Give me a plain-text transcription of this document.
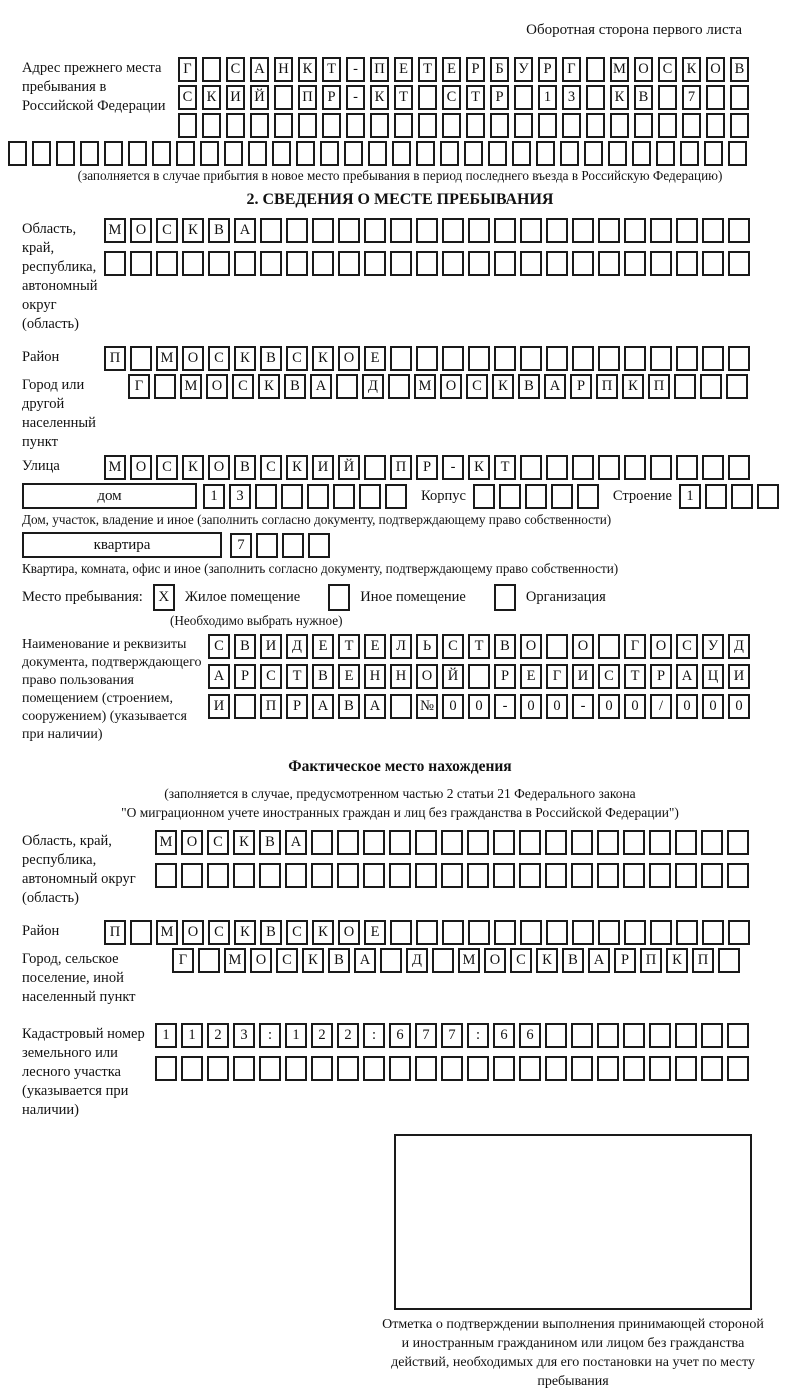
Оборотная сторона первого листа
Адрес прежнего места пребывания в Российской Федерации
Г	С А Н К	Т	-	П Е	Т	Е	Р	Б	У	Р	Г	М О С К О В
С К И Й	П	Р	-	К	Т	С	Т	Р	1	3	К В	7
(заполняется в случае прибытия в новое место пребывания в период последнего въезда в Российскую Федерацию)
2. СВЕДЕНИЯ О МЕСТЕ ПРЕБЫВАНИЯ
Область, край, республика, автономный округ (область)
М О	С	К	В	А
Район	П	М О	С	К	В	С	К	О	Е
Город или другой населенный пункт
Г	М О	С	К	В	А	Д	М О	С	К	В	А	Р	П	К	П
Улица	М О	С	К	О	В	С	К	И	Й	П	Р	-	К	Т
дом	1	3	Корпус	Строение 1
Дом, участок, владение и иное (заполнить согласно документу, подтверждающему право собственности)
квартира	7
Квартира, комната, офис и иное (заполнить согласно документу, подтверждающему право собственности)
Место пребывания:	X	Жилое помещение	Иное помещение	Организация
(Необходимо выбрать нужное)
Наименование и реквизиты документа, подтверждающего право пользования помещением (строением, сооружением) (указывается при наличии)
С	В	И	Д	Е	Т	Е	Л	Ь	С	Т	В	О	О	Г	О	С	У	Д
А	Р	С	Т	В	Е	Н	Н	О	Й	Р	Е	Г	И	С	Т	Р	А	Ц	И
И	П	Р	А	В	А	№	0	0	-	0	0	-	0	0	/	0	0	0
Фактическое место нахождения
(заполняется в случае, предусмотренном частью 2 статьи 21 Федерального закона
"О миграционном учете иностранных граждан и лиц без гражданства в Российской Федерации")
Область, край, республика, автономный округ (область)
М О	С	К	В	А
Район	П	М О	С	К	В	С	К	О	Е
Город, сельское поселение, иной населенный пункт
Г	М О	С	К	В	А	Д	М О	С	К	В	А	Р	П	К	П
Кадастровый номер земельного или лесного участка (указывается при наличии)
1	1	2	3	:	1	2	2	:	6	7	7	:	6	6
Отметка о подтверждении выполнения принимающей стороной и иностранным гражданином или лицом без гражданства действий, необходимых для его постановки на учет по месту пребывания
